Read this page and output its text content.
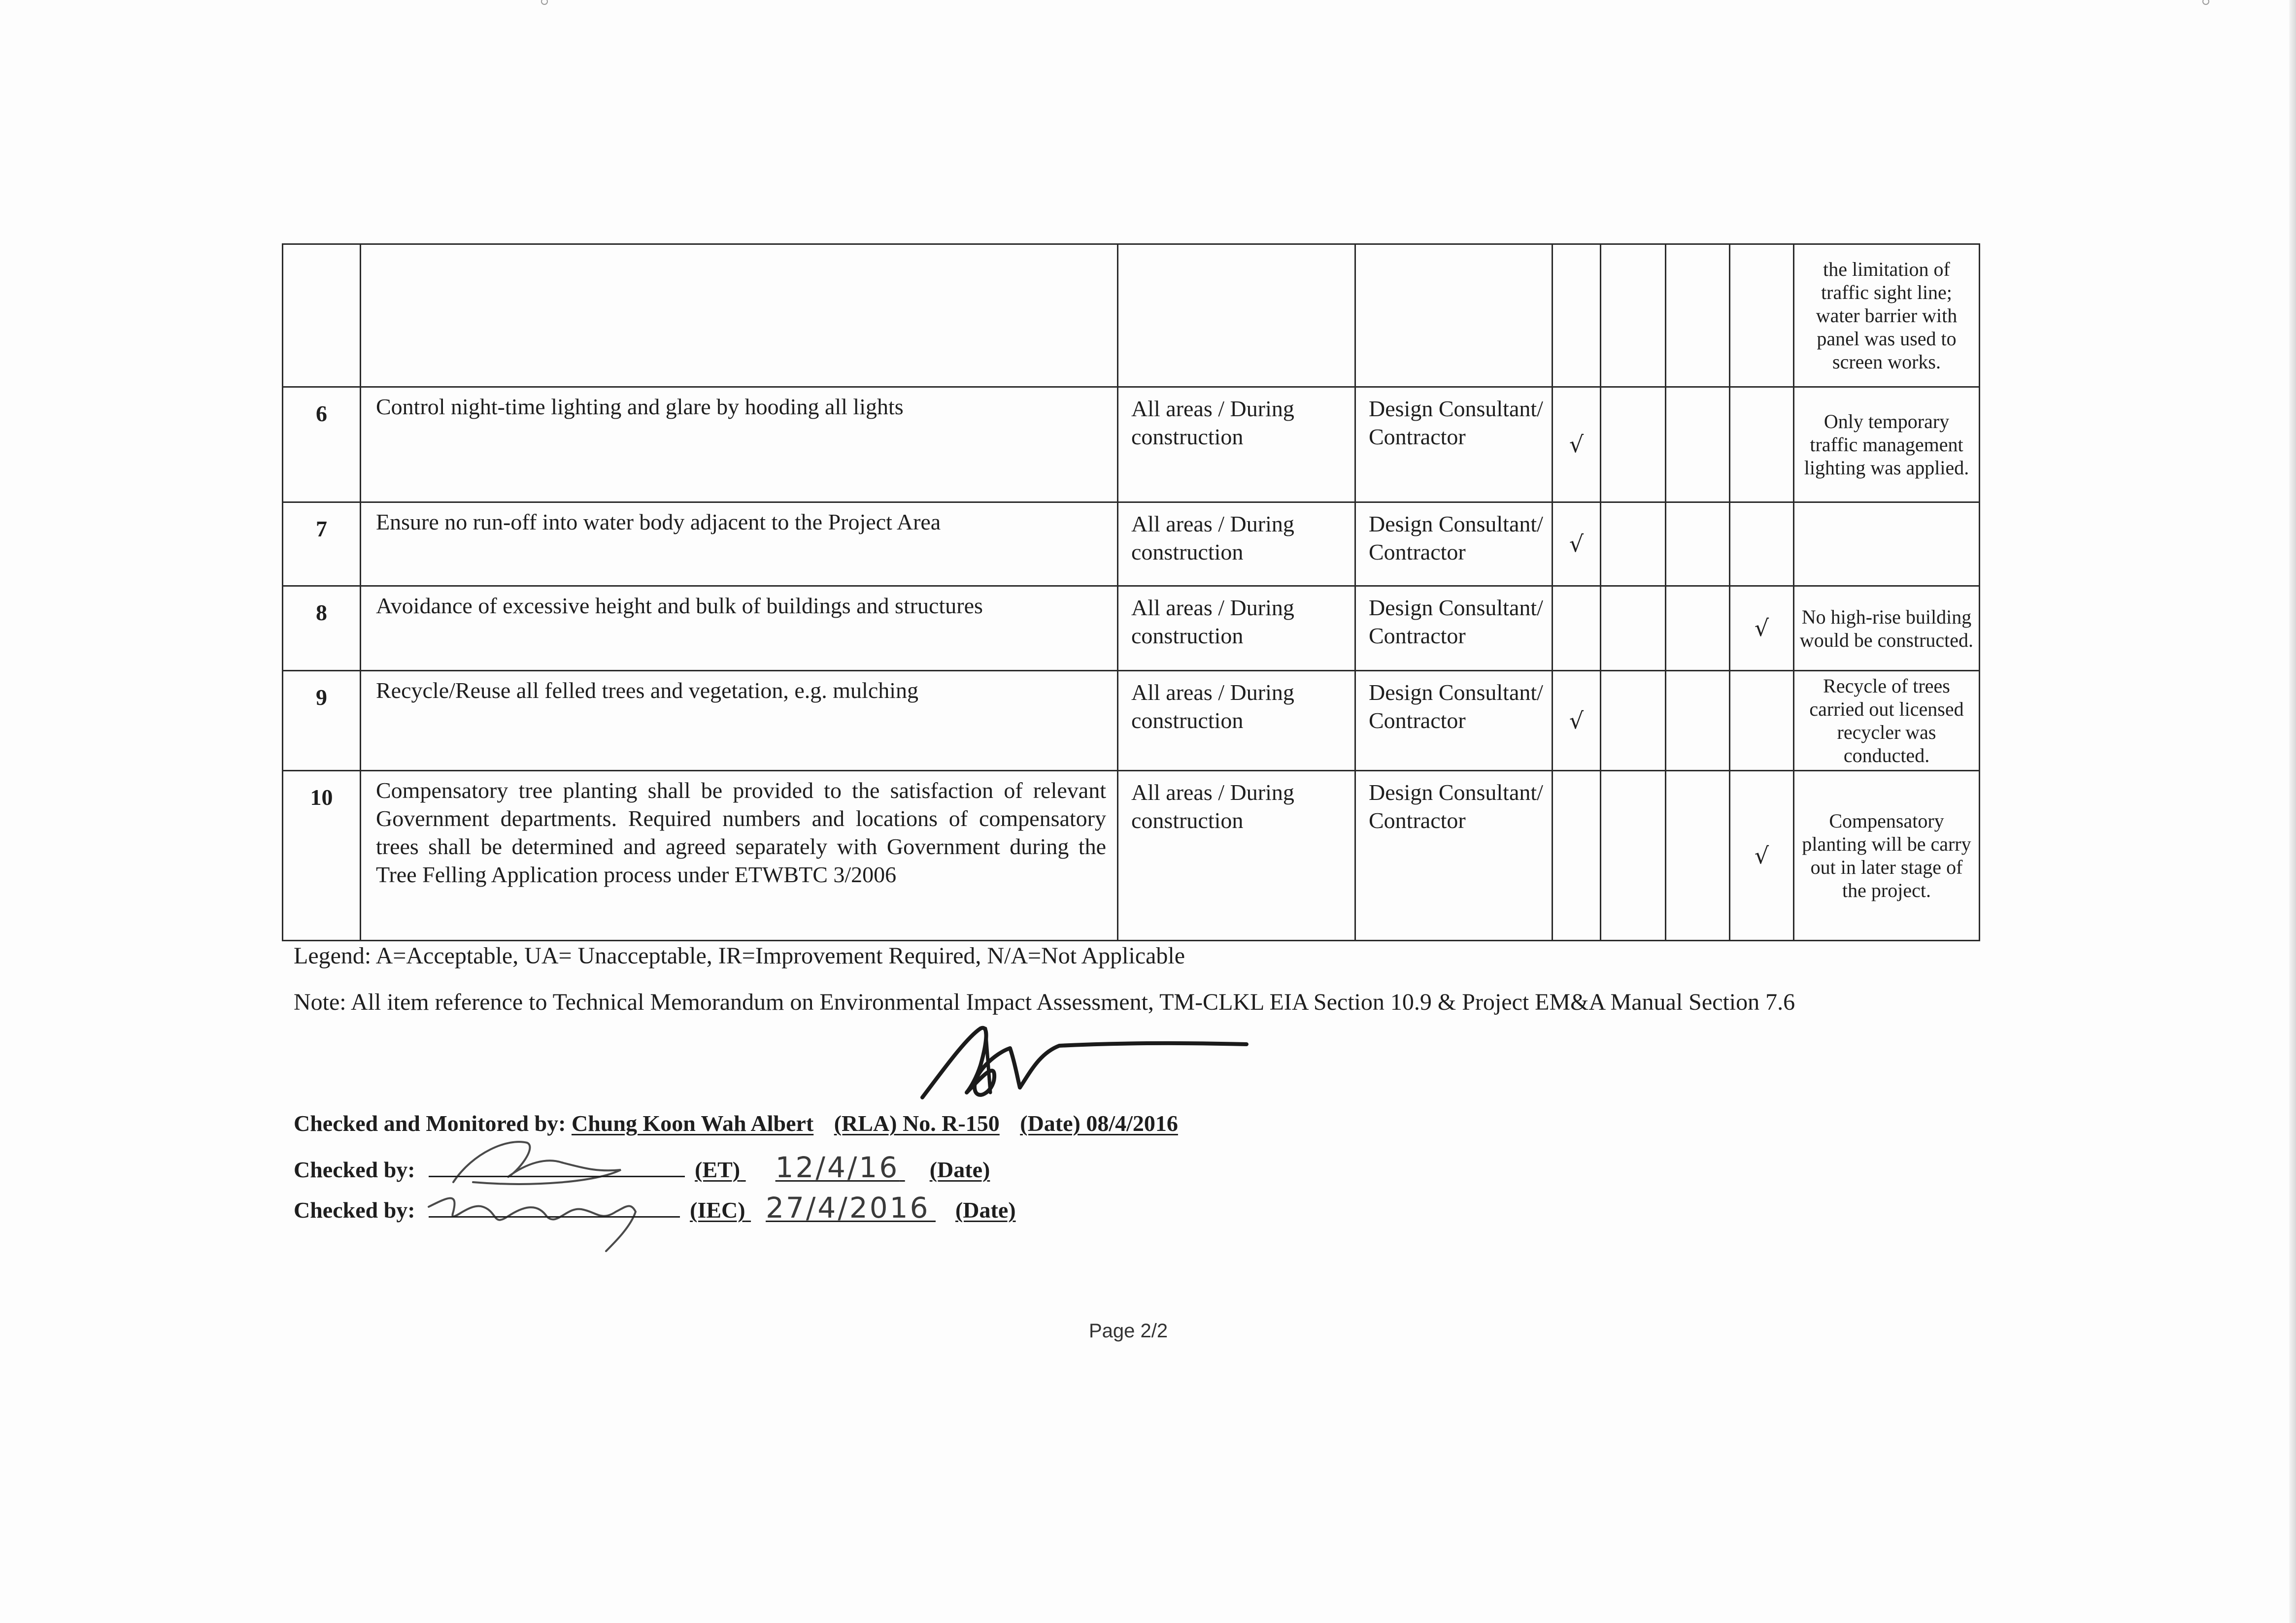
								the limitation of traffic sight line; water barrier with panel was used to screen works.
6	Control night-time lighting and glare by hooding all lights	All areas / During construction	Design Consultant/ Contractor	√				Only temporary traffic management lighting was applied.
7	Ensure no run-off into water body adjacent to the Project Area	All areas / During construction	Design Consultant/ Contractor	√				
8	Avoidance of excessive height and bulk of buildings and structures	All areas / During construction	Design Consultant/ Contractor				√	No high-rise building would be constructed.
9	Recycle/Reuse all felled trees and vegetation, e.g. mulching	All areas / During construction	Design Consultant/ Contractor	√				Recycle of trees carried out licensed recycler was conducted.
10	Compensatory tree planting shall be provided to the satisfaction of relevant Government departments. Required numbers and locations of compensatory trees shall be determined and agreed separately with Government during the Tree Felling Application process under ETWBTC 3/2006	All areas / During construction	Design Consultant/ Contractor				√	Compensatory planting will be carry out in later stage of the project.
Legend: A=Acceptable, UA= Unacceptable, IR=Improvement Required, N/A=Not Applicable
Note: All item reference to Technical Memorandum on Environmental Impact Assessment, TM-CLKL EIA Section 10.9 & Project EM&A Manual Section 7.6
Checked and Monitored by: Chung Koon Wah Albert (RLA) No. R-150 (Date) 08/4/2016
Checked by:	(ET) 12/4/16 (Date)
Checked by:	(IEC) 27/4/2016 (Date)
Page 2/2
